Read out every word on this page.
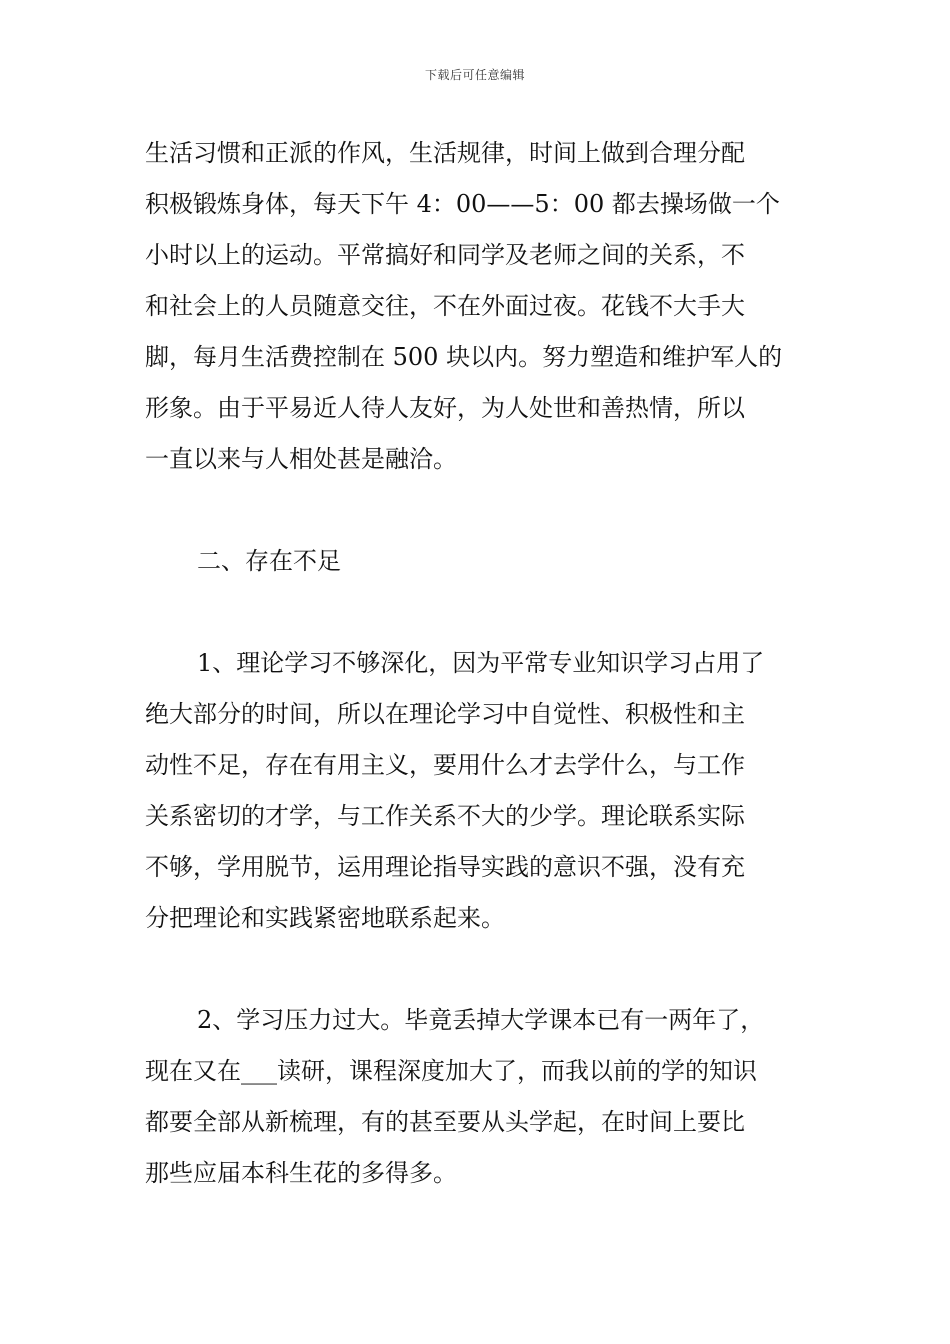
下载后可任意编辑
生活习惯和正派的作风，生活规律，时间上做到合理分配
积极锻炼身体，每天下午 4：00——5：00 都去操场做一个
小时以上的运动。平常搞好和同学及老师之间的关系，不
和社会上的人员随意交往，不在外面过夜。花钱不大手大
脚，每月生活费控制在 500 块以内。努力塑造和维护军人的
形象。由于平易近人待人友好，为人处世和善热情，所以
一直以来与人相处甚是融洽。
二、存在不足
1、理论学习不够深化，因为平常专业知识学习占用了
绝大部分的时间，所以在理论学习中自觉性、积极性和主
动性不足，存在有用主义，要用什么才去学什么，与工作
关系密切的才学，与工作关系不大的少学。理论联系实际
不够，学用脱节，运用理论指导实践的意识不强，没有充
分把理论和实践紧密地联系起来。
2、学习压力过大。毕竟丢掉大学课本已有一两年了，
现在又在___读研，课程深度加大了，而我以前的学的知识
都要全部从新梳理，有的甚至要从头学起，在时间上要比
那些应届本科生花的多得多。
